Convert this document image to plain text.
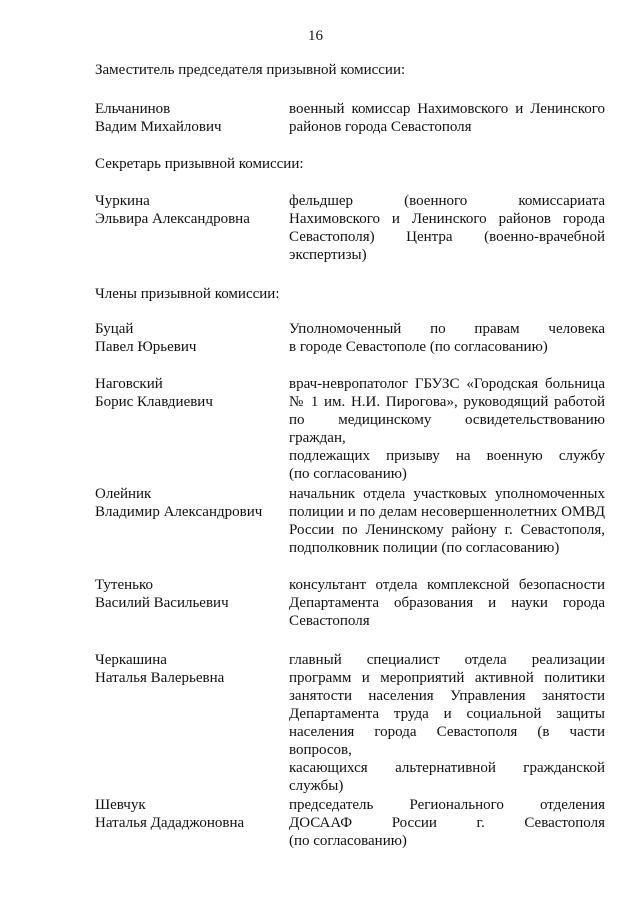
16
Заместитель председателя призывной комиссии:
Ельчанинов
Вадим Михайлович
военный комиссар Нахимовского и Ленинского
районов города Севастополя
Секретарь призывной комиссии:
Чуркина
Эльвира Александровна
фельдшер (военного комиссариата
Нахимовского и Ленинского районов города
Севастополя) Центра (военно-врачебной
экспертизы)
Члены призывной комиссии:
Буцай
Павел Юрьевич
Уполномоченный по правам человека
в городе Севастополе (по согласованию)
Наговский
Борис Клавдиевич
врач-невропатолог ГБУЗС «Городская больница
№ 1 им. Н.И. Пирогова», руководящий работой
по медицинскому освидетельствованию граждан,
подлежащих призыву на военную службу
(по согласованию)
Олейник
Владимир Александрович
начальник отдела участковых уполномоченных
полиции и по делам несовершеннолетних ОМВД
России по Ленинскому району г. Севастополя,
подполковник полиции (по согласованию)
Тутенько
Василий Васильевич
консультант отдела комплексной безопасности
Департамента образования и науки города
Севастополя
Черкашина
Наталья Валерьевна
главный специалист отдела реализации
программ и мероприятий активной политики
занятости населения Управления занятости
Департамента труда и социальной защиты
населения города Севастополя (в части вопросов,
касающихся альтернативной гражданской
службы)
Шевчук
Наталья Дададжоновна
председатель Регионального отделения
ДОСААФ России г. Севастополя
(по согласованию)
